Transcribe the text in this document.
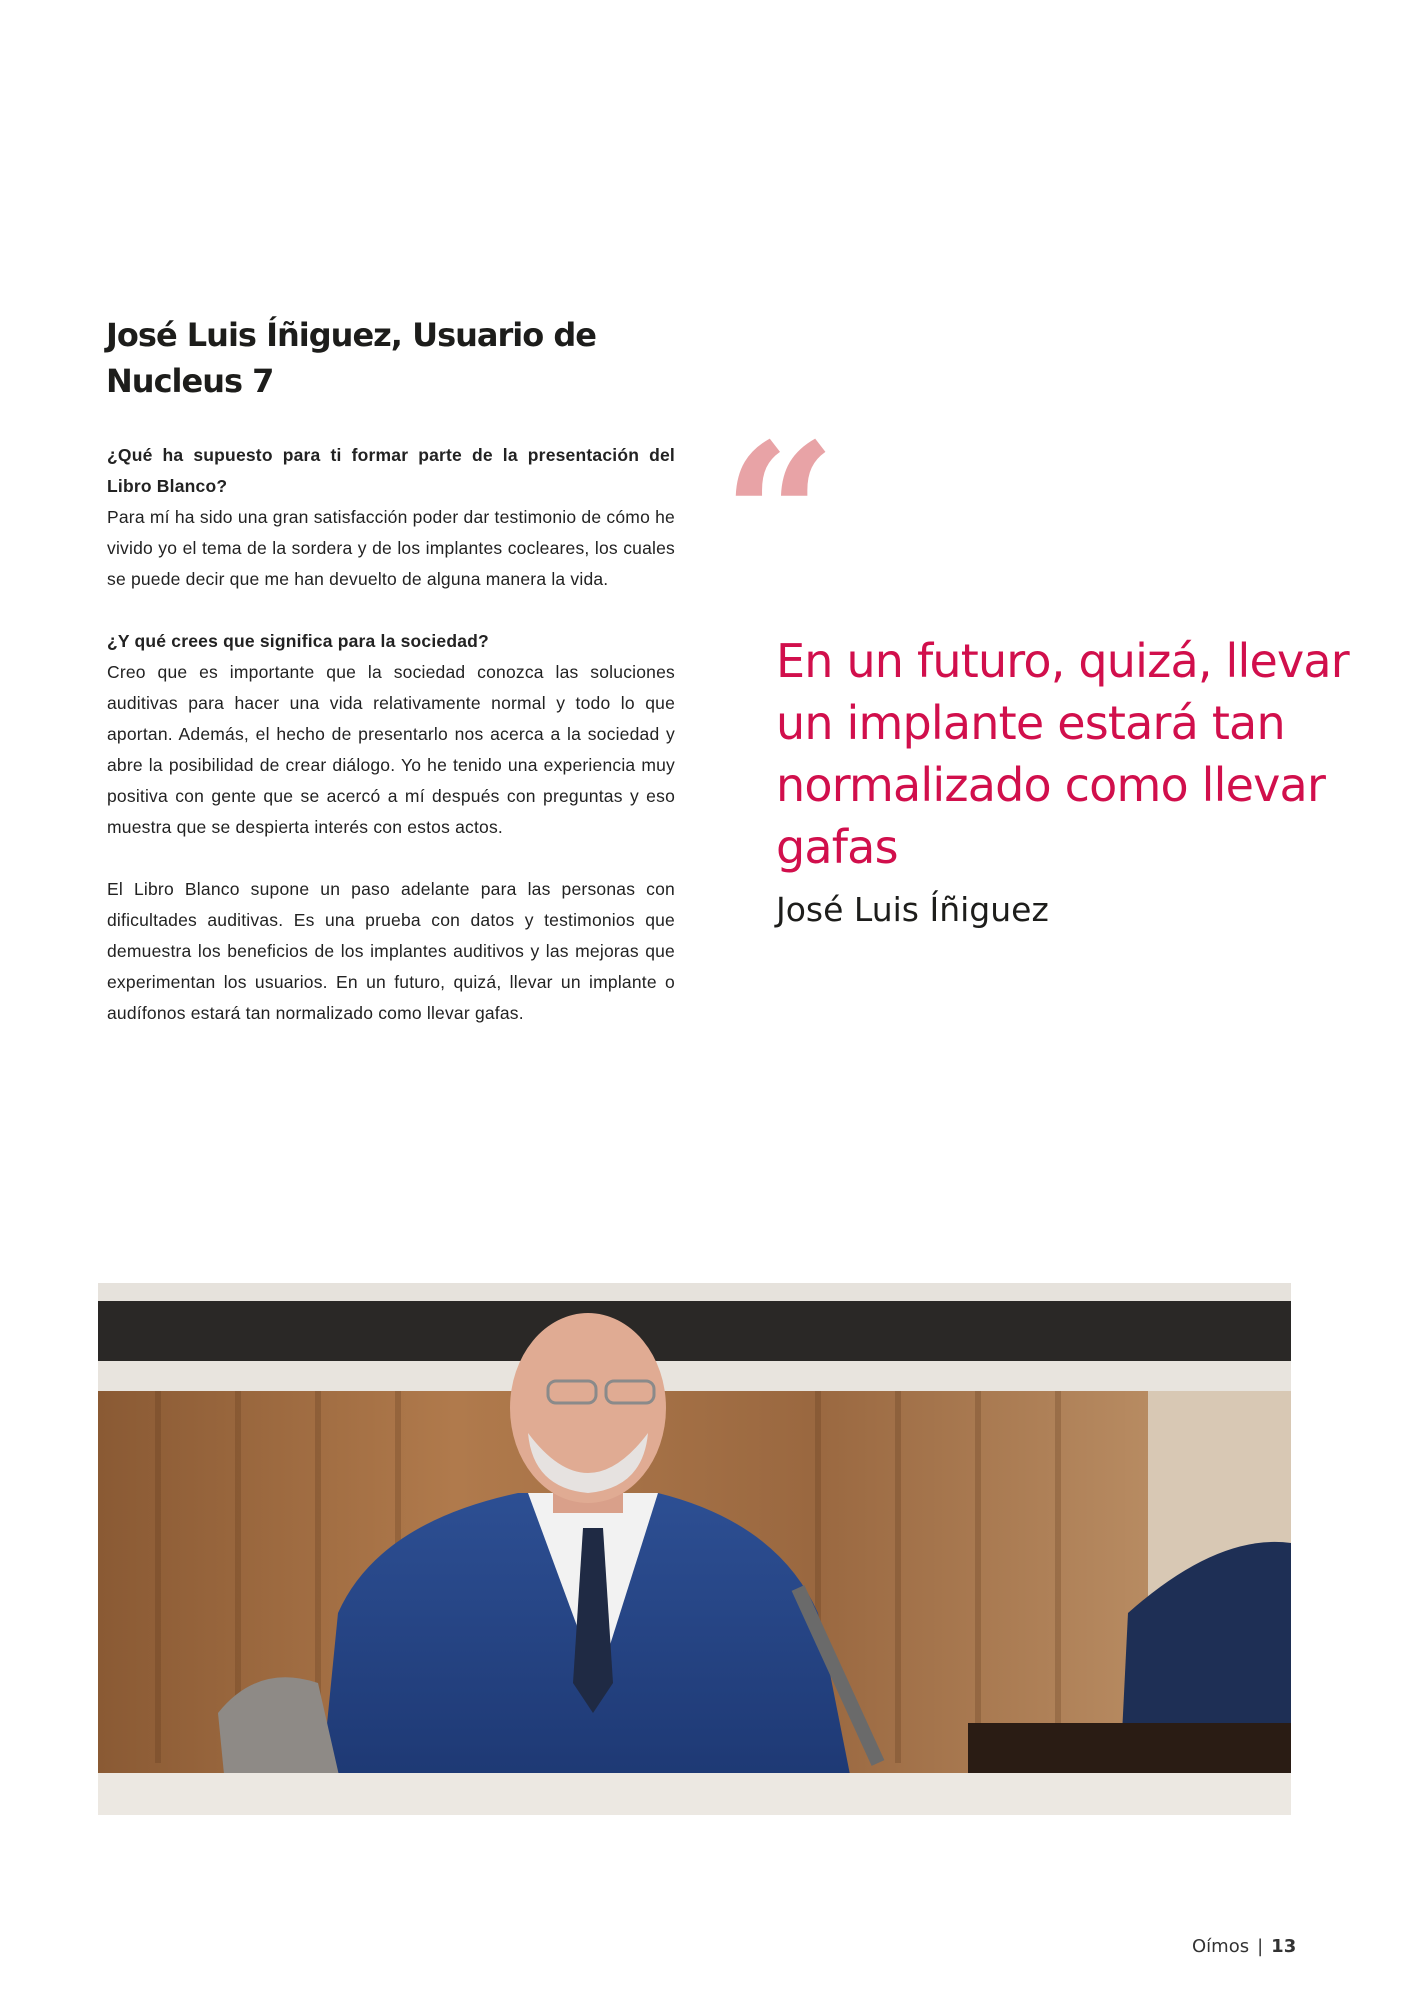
José Luis Íñiguez, Usuario de Nucleus 7

¿Qué ha supuesto para ti formar parte de la presentación del Libro Blanco?
Para mí ha sido una gran satisfacción poder dar testimonio de cómo he vivido yo el tema de la sordera y de los implantes cocleares, los cuales se puede decir que me han devuelto de alguna manera la vida.

¿Y qué crees que significa para la sociedad?
Creo que es importante que la sociedad conozca las soluciones auditivas para hacer una vida relativamente normal y todo lo que aportan. Además, el hecho de presentarlo nos acerca a la sociedad y abre la posibilidad de crear diálogo. Yo he tenido una experiencia muy positiva con gente que se acercó a mí después con preguntas y eso muestra que se despierta interés con estos actos.

El Libro Blanco supone un paso adelante para las personas con dificultades auditivas. Es una prueba con datos y testimonios que demuestra los beneficios de los implantes auditivos y las mejoras que experimentan los usuarios. En un futuro, quizá, llevar un implante o audífonos estará tan normalizado como llevar gafas.

“

En un futuro, quizá, llevar un implante estará tan normalizado como llevar gafas

José Luis Íñiguez
Oímos | 13
